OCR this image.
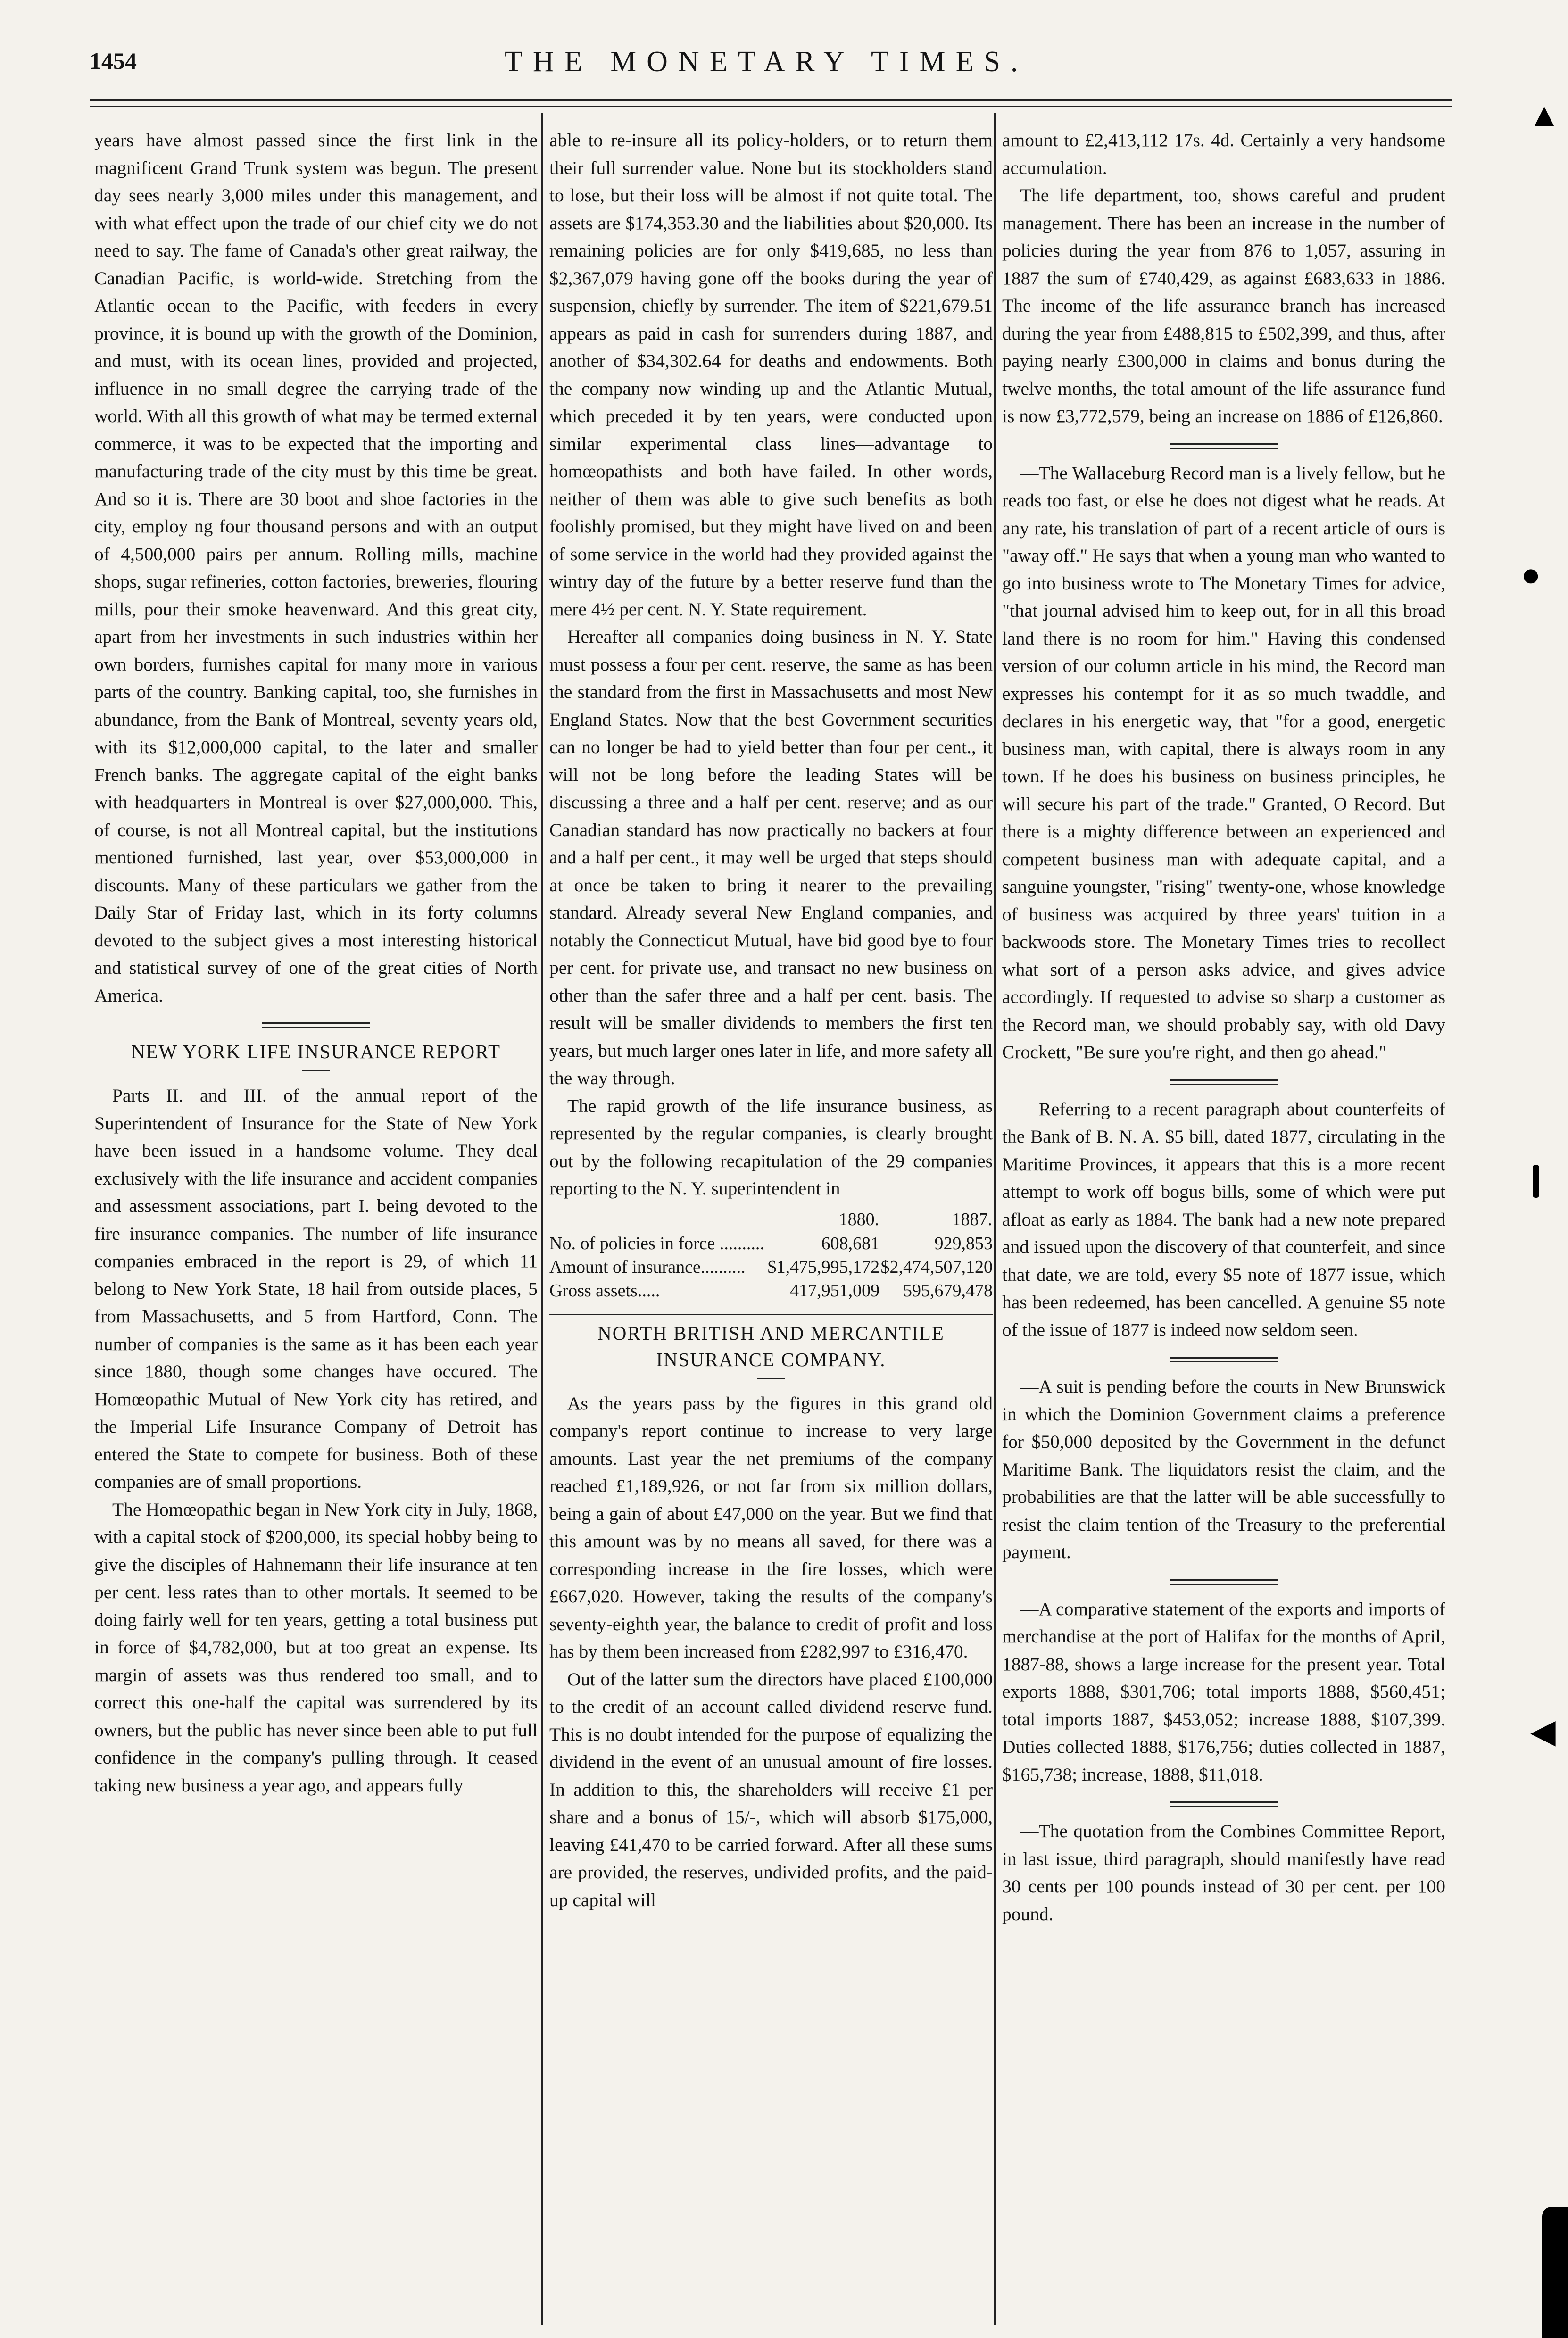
1454	THE MONETARY TIMES.

years have almost passed since the first link in the magnificent Grand Trunk system was begun. The present day sees nearly 3,000 miles under this management, and with what effect upon the trade of our chief city we do not need to say. The fame of Canada's other great railway, the Canadian Pacific, is world-wide. Stretching from the Atlantic ocean to the Pacific, with feeders in every province, it is bound up with the growth of the Dominion, and must, with its ocean lines, provided and projected, influence in no small degree the carrying trade of the world. With all this growth of what may be termed external commerce, it was to be expected that the importing and manufacturing trade of the city must by this time be great. And so it is. There are 30 boot and shoe factories in the city, employ ng four thousand persons and with an output of 4,500,000 pairs per annum. Rolling mills, machine shops, sugar refineries, cotton factories, breweries, flouring mills, pour their smoke heavenward. And this great city, apart from her investments in such industries within her own borders, furnishes capital for many more in various parts of the country. Banking capital, too, she furnishes in abundance, from the Bank of Montreal, seventy years old, with its $12,000,000 capital, to the later and smaller French banks. The aggregate capital of the eight banks with headquarters in Montreal is over $27,000,000. This, of course, is not all Montreal capital, but the institutions mentioned furnished, last year, over $53,000,000 in discounts. Many of these particulars we gather from the Daily Star of Friday last, which in its forty columns devoted to the subject gives a most interesting historical and statistical survey of one of the great cities of North America.

NEW YORK LIFE INSURANCE REPORT

Parts II. and III. of the annual report of the Superintendent of Insurance for the State of New York have been issued in a handsome volume. They deal exclusively with the life insurance and accident companies and assessment associations, part I. being devoted to the fire insurance companies. The number of life insurance companies embraced in the report is 29, of which 11 belong to New York State, 18 hail from outside places, 5 from Massachusetts, and 5 from Hartford, Conn. The number of companies is the same as it has been each year since 1880, though some changes have occured. The Homœopathic Mutual of New York city has retired, and the Imperial Life Insurance Company of Detroit has entered the State to compete for business. Both of these companies are of small proportions.

The Homœopathic began in New York city in July, 1868, with a capital stock of $200,000, its special hobby being to give the disciples of Hahnemann their life insurance at ten per cent. less rates than to other mortals. It seemed to be doing fairly well for ten years, getting a total business put in force of $4,782,000, but at too great an expense. Its margin of assets was thus rendered too small, and to correct this one-half the capital was surrendered by its owners, but the public has never since been able to put full confidence in the company's pulling through. It ceased taking new business a year ago, and appears fully

able to re-insure all its policy-holders, or to return them their full surrender value. None but its stockholders stand to lose, but their loss will be almost if not quite total. The assets are $174,353.30 and the liabilities about $20,000. Its remaining policies are for only $419,685, no less than $2,367,079 having gone off the books during the year of suspension, chiefly by surrender. The item of $221,679.51 appears as paid in cash for surrenders during 1887, and another of $34,302.64 for deaths and endowments. Both the company now winding up and the Atlantic Mutual, which preceded it by ten years, were conducted upon similar experimental class lines—advantage to homœopathists—and both have failed. In other words, neither of them was able to give such benefits as both foolishly promised, but they might have lived on and been of some service in the world had they provided against the wintry day of the future by a better reserve fund than the mere 4½ per cent. N. Y. State requirement.

Hereafter all companies doing business in N. Y. State must possess a four per cent. reserve, the same as has been the standard from the first in Massachusetts and most New England States. Now that the best Government securities can no longer be had to yield better than four per cent., it will not be long before the leading States will be discussing a three and a half per cent. reserve; and as our Canadian standard has now practically no backers at four and a half per cent., it may well be urged that steps should at once be taken to bring it nearer to the prevailing standard. Already several New England companies, and notably the Connecticut Mutual, have bid good bye to four per cent. for private use, and transact no new business on other than the safer three and a half per cent. basis. The result will be smaller dividends to members the first ten years, but much larger ones later in life, and more safety all the way through.

The rapid growth of the life insurance business, as represented by the regular companies, is clearly brought out by the following recapitulation of the 29 companies reporting to the N. Y. superintendent in

	1880.	1887.
No. of policies in force ..........	608,681	929,853
Amount of insurance..........	$1,475,995,172	$2,474,507,120
Gross assets.....	417,951,009	595,679,478
NORTH BRITISH AND MERCANTILE INSURANCE COMPANY.

As the years pass by the figures in this grand old company's report continue to increase to very large amounts. Last year the net premiums of the company reached £1,189,926, or not far from six million dollars, being a gain of about £47,000 on the year. But we find that this amount was by no means all saved, for there was a corresponding increase in the fire losses, which were £667,020. However, taking the results of the company's seventy-eighth year, the balance to credit of profit and loss has by them been increased from £282,997 to £316,470.

Out of the latter sum the directors have placed £100,000 to the credit of an account called dividend reserve fund. This is no doubt intended for the purpose of equalizing the dividend in the event of an unusual amount of fire losses. In addition to this, the shareholders will receive £1 per share and a bonus of 15/-, which will absorb $175,000, leaving £41,470 to be carried forward. After all these sums are provided, the reserves, undivided profits, and the paid-up capital will

amount to £2,413,112 17s. 4d. Certainly a very handsome accumulation.

The life department, too, shows careful and prudent management. There has been an increase in the number of policies during the year from 876 to 1,057, assuring in 1887 the sum of £740,429, as against £683,633 in 1886. The income of the life assurance branch has increased during the year from £488,815 to £502,399, and thus, after paying nearly £300,000 in claims and bonus during the twelve months, the total amount of the life assurance fund is now £3,772,579, being an increase on 1886 of £126,860.

—The Wallaceburg Record man is a lively fellow, but he reads too fast, or else he does not digest what he reads. At any rate, his translation of part of a recent article of ours is "away off." He says that when a young man who wanted to go into business wrote to The Monetary Times for advice, "that journal advised him to keep out, for in all this broad land there is no room for him." Having this condensed version of our column article in his mind, the Record man expresses his contempt for it as so much twaddle, and declares in his energetic way, that "for a good, energetic business man, with capital, there is always room in any town. If he does his business on business principles, he will secure his part of the trade." Granted, O Record. But there is a mighty difference between an experienced and competent business man with adequate capital, and a sanguine youngster, "rising" twenty-one, whose knowledge of business was acquired by three years' tuition in a backwoods store. The Monetary Times tries to recollect what sort of a person asks advice, and gives advice accordingly. If requested to advise so sharp a customer as the Record man, we should probably say, with old Davy Crockett, "Be sure you're right, and then go ahead."

—Referring to a recent paragraph about counterfeits of the Bank of B. N. A. $5 bill, dated 1877, circulating in the Maritime Provinces, it appears that this is a more recent attempt to work off bogus bills, some of which were put afloat as early as 1884. The bank had a new note prepared and issued upon the discovery of that counterfeit, and since that date, we are told, every $5 note of 1877 issue, which has been redeemed, has been cancelled. A genuine $5 note of the issue of 1877 is indeed now seldom seen.

—A suit is pending before the courts in New Brunswick in which the Dominion Government claims a preference for $50,000 deposited by the Government in the defunct Maritime Bank. The liquidators resist the claim, and the probabilities are that the latter will be able successfully to resist the claim tention of the Treasury to the preferential payment.

—A comparative statement of the exports and imports of merchandise at the port of Halifax for the months of April, 1887-88, shows a large increase for the present year. Total exports 1888, $301,706; total imports 1888, $560,451; total imports 1887, $453,052; increase 1888, $107,399. Duties collected 1888, $176,756; duties collected in 1887, $165,738; increase, 1888, $11,018.

—The quotation from the Combines Committee Report, in last issue, third paragraph, should manifestly have read 30 cents per 100 pounds instead of 30 per cent. per 100 pound.

▲
●
◀
